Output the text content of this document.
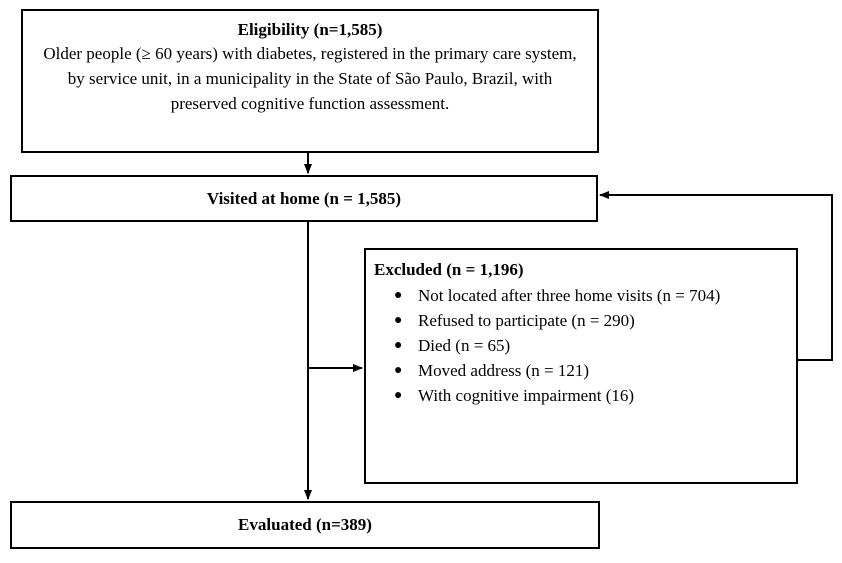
Eligibility (n=1,585)
Older people (≥ 60 years) with diabetes, registered in the primary care system, by service unit, in a municipality in the State of São Paulo, Brazil, with preserved cognitive function assessment.
Visited at home (n = 1,585)
Excluded (n = 1,196)
● Not located after three home visits (n = 704)
● Refused to participate (n = 290)
● Died (n = 65)
● Moved address (n = 121)
● With cognitive impairment (16)
Evaluated (n=389)
